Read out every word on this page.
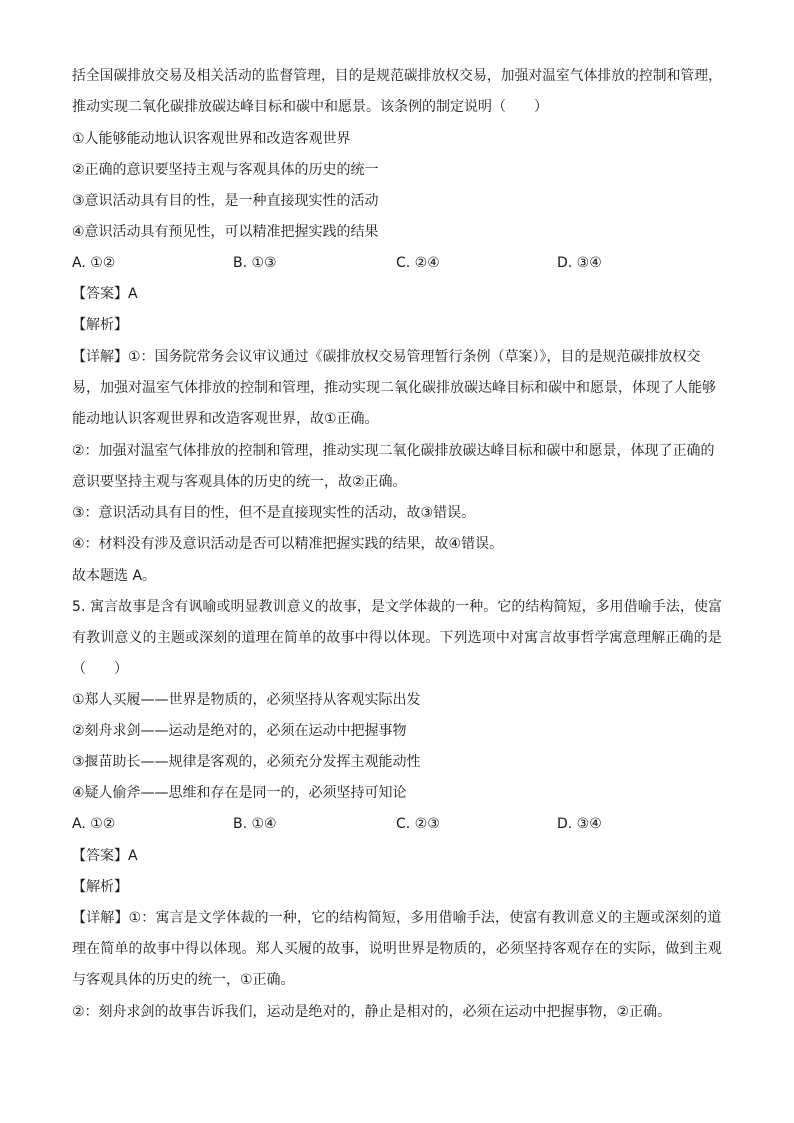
括全国碳排放交易及相关活动的监督管理，目的是规范碳排放权交易，加强对温室气体排放的控制和管理，
推动实现二氧化碳排放碳达峰目标和碳中和愿景。该条例的制定说明（　　）
①人能够能动地认识客观世界和改造客观世界
②正确的意识要坚持主观与客观具体的历史的统一
③意识活动具有目的性，是一种直接现实性的活动
④意识活动具有预见性，可以精准把握实践的结果
A. ①②	B. ①③	C. ②④	D. ③④
【答案】A
【解析】
【详解】①：国务院常务会议审议通过《碳排放权交易管理暂行条例（草案）》，目的是规范碳排放权交
易，加强对温室气体排放的控制和管理，推动实现二氧化碳排放碳达峰目标和碳中和愿景，体现了人能够
能动地认识客观世界和改造客观世界，故①正确。
②：加强对温室气体排放的控制和管理，推动实现二氧化碳排放碳达峰目标和碳中和愿景，体现了正确的
意识要坚持主观与客观具体的历史的统一，故②正确。
③：意识活动具有目的性，但不是直接现实性的活动，故③错误。
④：材料没有涉及意识活动是否可以精准把握实践的结果，故④错误。
故本题选 A。
5. 寓言故事是含有讽喻或明显教训意义的故事，是文学体裁的一种。它的结构简短，多用借喻手法，使富
有教训意义的主题或深刻的道理在简单的故事中得以体现。下列选项中对寓言故事哲学寓意理解正确的是
（　　）
①郑人买履——世界是物质的，必须坚持从客观实际出发
②刻舟求剑——运动是绝对的，必须在运动中把握事物
③揠苗助长——规律是客观的，必须充分发挥主观能动性
④疑人偷斧——思维和存在是同一的，必须坚持可知论
A. ①②	B. ①④	C. ②③	D. ③④
【答案】A
【解析】
【详解】①：寓言是文学体裁的一种，它的结构简短，多用借喻手法，使富有教训意义的主题或深刻的道
理在简单的故事中得以体现。郑人买履的故事，说明世界是物质的，必须坚持客观存在的实际，做到主观
与客观具体的历史的统一，①正确。
②：刻舟求剑的故事告诉我们，运动是绝对的，静止是相对的，必须在运动中把握事物，②正确。
